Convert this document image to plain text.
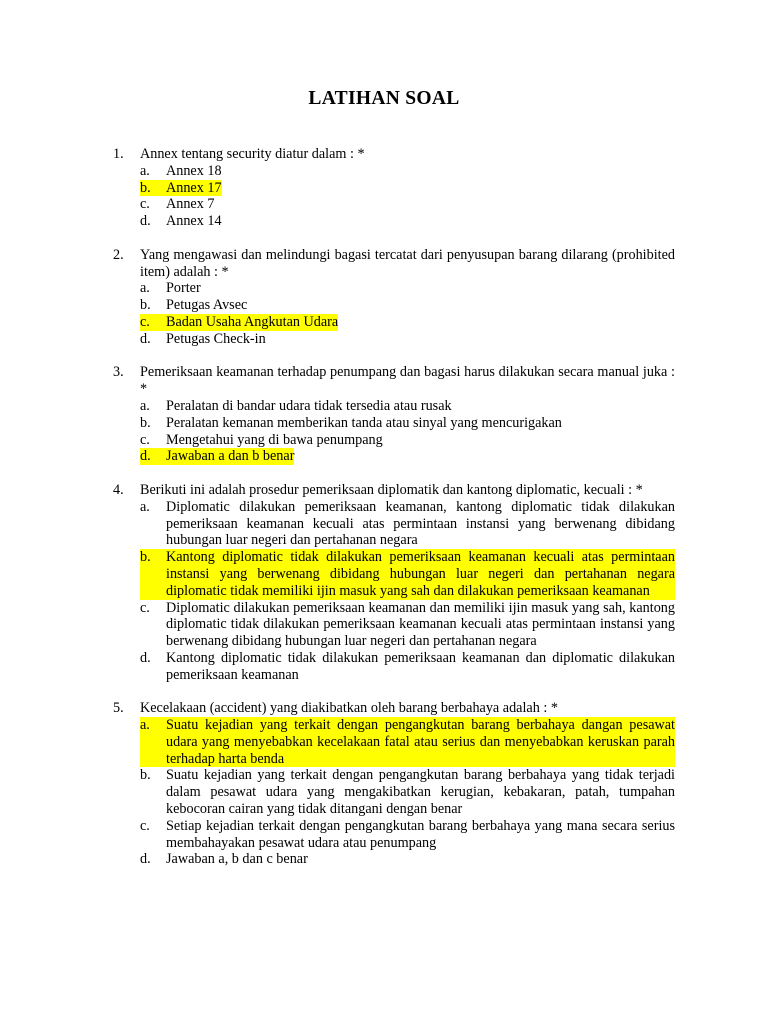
LATIHAN SOAL
1.	Annex tentang security diatur dalam : *
a.	Annex 18
b.	Annex 17
c.	Annex 7
d.	Annex 14
2.	Yang mengawasi dan melindungi bagasi tercatat dari penyusupan barang dilarang (prohibited item) adalah : *
a.	Porter
b.	Petugas Avsec
c.	Badan Usaha Angkutan Udara
d.	Petugas Check-in
3.	Pemeriksaan keamanan terhadap penumpang dan bagasi harus dilakukan secara manual juka : *
a.	Peralatan di bandar udara tidak tersedia atau rusak
b.	Peralatan kemanan memberikan tanda atau sinyal yang mencurigakan
c.	Mengetahui yang di bawa penumpang
d.	Jawaban a dan b benar
4.	Berikuti ini adalah prosedur pemeriksaan diplomatik dan kantong diplomatic, kecuali : *
a.	Diplomatic dilakukan pemeriksaan keamanan, kantong diplomatic tidak dilakukan pemeriksaan keamanan kecuali atas permintaan instansi yang berwenang dibidang hubungan luar negeri dan pertahanan negara
b.	Kantong diplomatic tidak dilakukan pemeriksaan keamanan kecuali atas permintaan instansi yang berwenang dibidang hubungan luar negeri dan pertahanan negara diplomatic tidak memiliki ijin masuk yang sah dan dilakukan pemeriksaan keamanan
c.	Diplomatic dilakukan pemeriksaan keamanan dan memiliki ijin masuk yang sah, kantong diplomatic tidak dilakukan pemeriksaan keamanan kecuali atas permintaan instansi yang berwenang dibidang hubungan luar negeri dan pertahanan negara
d.	Kantong diplomatic tidak dilakukan pemeriksaan keamanan dan diplomatic dilakukan pemeriksaan keamanan
5.	Kecelakaan (accident) yang diakibatkan oleh barang berbahaya adalah : *
a.	Suatu kejadian yang terkait dengan pengangkutan barang berbahaya dangan pesawat udara yang menyebabkan kecelakaan fatal atau serius dan menyebabkan keruskan parah terhadap harta benda
b.	Suatu kejadian yang terkait dengan pengangkutan barang berbahaya yang tidak terjadi dalam pesawat udara yang mengakibatkan kerugian, kebakaran, patah, tumpahan kebocoran cairan yang tidak ditangani dengan benar
c.	Setiap kejadian terkait dengan pengangkutan barang berbahaya yang mana secara serius membahayakan pesawat udara atau penumpang
d.	Jawaban a, b dan c benar
